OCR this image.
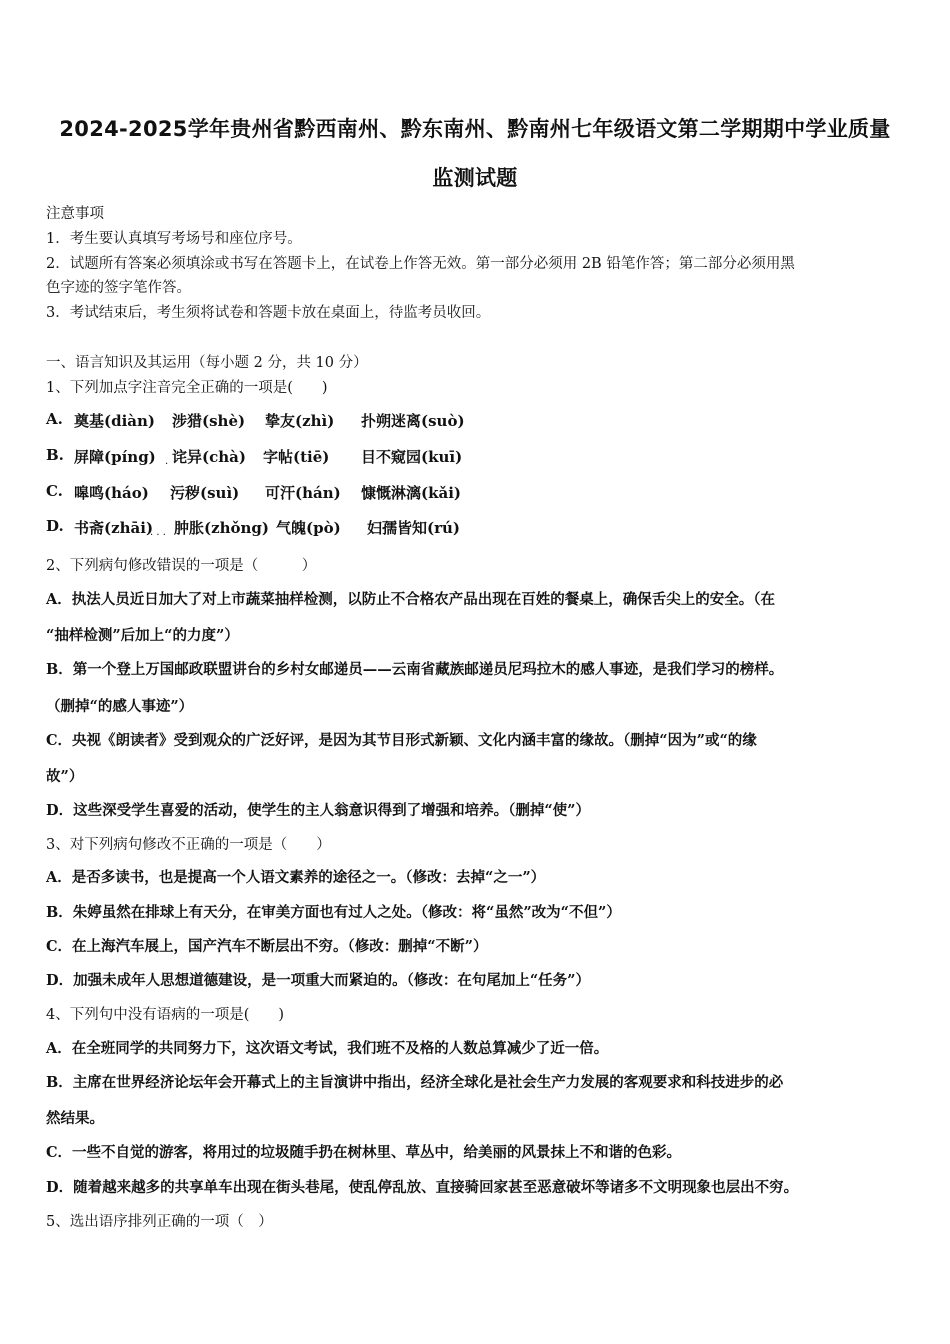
2024-2025学年贵州省黔西南州、黔东南州、黔南州七年级语文第二学期期中学业质量
监测试题
注意事项
1．考生要认真填写考场号和座位序号。
2．试题所有答案必须填涂或书写在答题卡上，在试卷上作答无效。第一部分必须用 2B 铅笔作答；第二部分必须用黑
色字迹的签字笔作答。
3．考试结束后，考生须将试卷和答题卡放在桌面上，待监考员收回。
一、语言知识及其运用（每小题 2 分，共 10 分）
1、下列加点字注音完全正确的一项是(　　)
A. 奠基(diàn) 涉猎(shè) 挚友(zhì) 扑朔迷离(suò)
B. 屏障(píng) · 诧异(chà) 字帖(tiē) 目不窥园(kuī)
C. 嗥鸣(háo) 污秽(suì) 可汗(hán) 慷慨淋漓(kǎi)
D. 书斋(zhāi)
· · · 肿胀(zhǒng) 气魄(pò) 妇孺皆知(rú)
2、下列病句修改错误的一项是（　　　）
A．执法人员近日加大了对上市蔬菜抽样检测，以防止不合格农产品出现在百姓的餐桌上，确保舌尖上的安全。（在
“抽样检测”后加上“的力度”）
B．第一个登上万国邮政联盟讲台的乡村女邮递员——云南省藏族邮递员尼玛拉木的感人事迹，是我们学习的榜样。
（删掉“的感人事迹”）
C．央视《朗读者》受到观众的广泛好评，是因为其节目形式新颖、文化内涵丰富的缘故。（删掉“因为”或“的缘
故”）
D．这些深受学生喜爱的活动，使学生的主人翁意识得到了增强和培养。（删掉“使”）
3、对下列病句修改不正确的一项是（　　）
A．是否多读书，也是提高一个人语文素养的途径之一。（修改：去掉“之一”）
B．朱婷虽然在排球上有天分，在审美方面也有过人之处。（修改：将“虽然”改为“不但”）
C．在上海汽车展上，国产汽车不断层出不穷。（修改：删掉“不断”）
D．加强未成年人思想道德建设，是一项重大而紧迫的。（修改：在句尾加上“任务”）
4、下列句中没有语病的一项是(　　)
A．在全班同学的共同努力下，这次语文考试，我们班不及格的人数总算减少了近一倍。
B．主席在世界经济论坛年会开幕式上的主旨演讲中指出，经济全球化是社会生产力发展的客观要求和科技进步的必
然结果。
C．一些不自觉的游客，将用过的垃圾随手扔在树林里、草丛中，给美丽的风景抹上不和谐的色彩。
D．随着越来越多的共享单车出现在街头巷尾，使乱停乱放、直接骑回家甚至恶意破坏等诸多不文明现象也层出不穷。
5、选出语序排列正确的一项（　）
